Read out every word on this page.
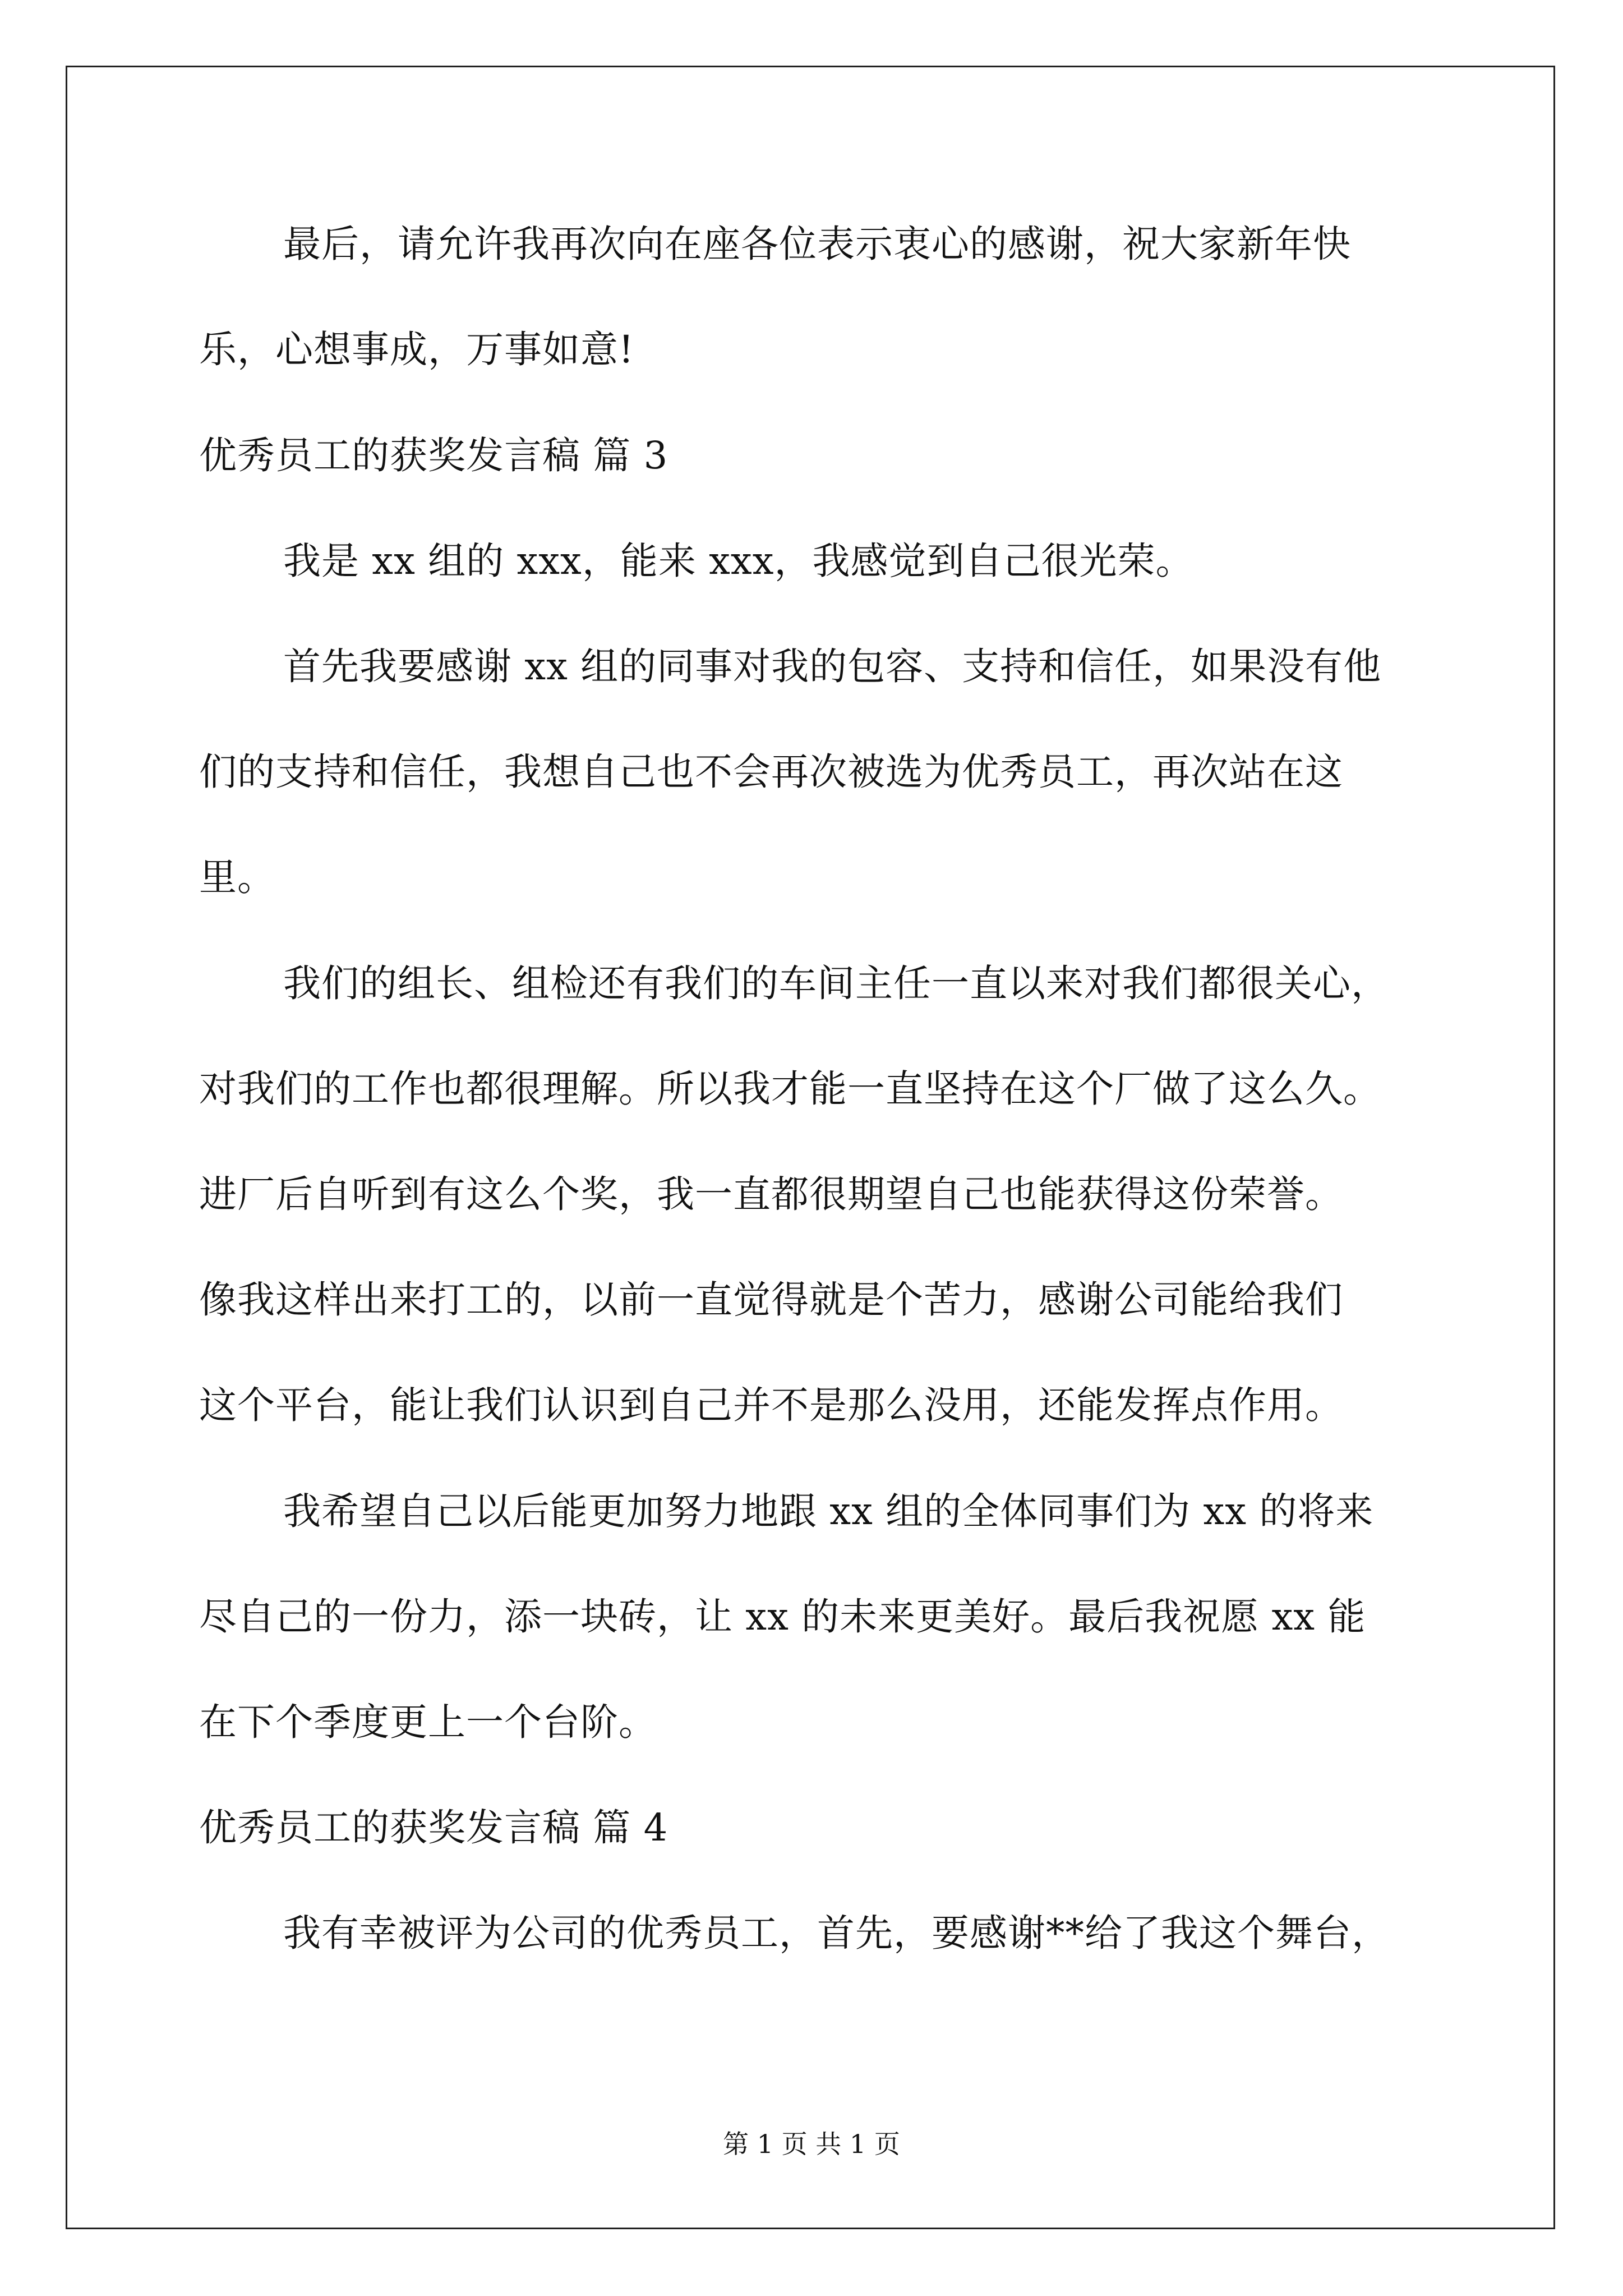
最后，请允许我再次向在座各位表示衷心的感谢，祝大家新年快
乐，心想事成，万事如意!
优秀员工的获奖发言稿 篇 3
我是 xx 组的 xxx，能来 xxx，我感觉到自己很光荣。
首先我要感谢 xx 组的同事对我的包容、支持和信任，如果没有他
们的支持和信任，我想自己也不会再次被选为优秀员工，再次站在这
里。
我们的组长、组检还有我们的车间主任一直以来对我们都很关心，
对我们的工作也都很理解。所以我才能一直坚持在这个厂做了这么久。
进厂后自听到有这么个奖，我一直都很期望自己也能获得这份荣誉。
像我这样出来打工的，以前一直觉得就是个苦力，感谢公司能给我们
这个平台，能让我们认识到自己并不是那么没用，还能发挥点作用。
我希望自己以后能更加努力地跟 xx 组的全体同事们为 xx 的将来
尽自己的一份力，添一块砖，让 xx 的未来更美好。最后我祝愿 xx 能
在下个季度更上一个台阶。
优秀员工的获奖发言稿 篇 4
我有幸被评为公司的优秀员工，首先，要感谢**给了我这个舞台，
第 1 页 共 1 页
